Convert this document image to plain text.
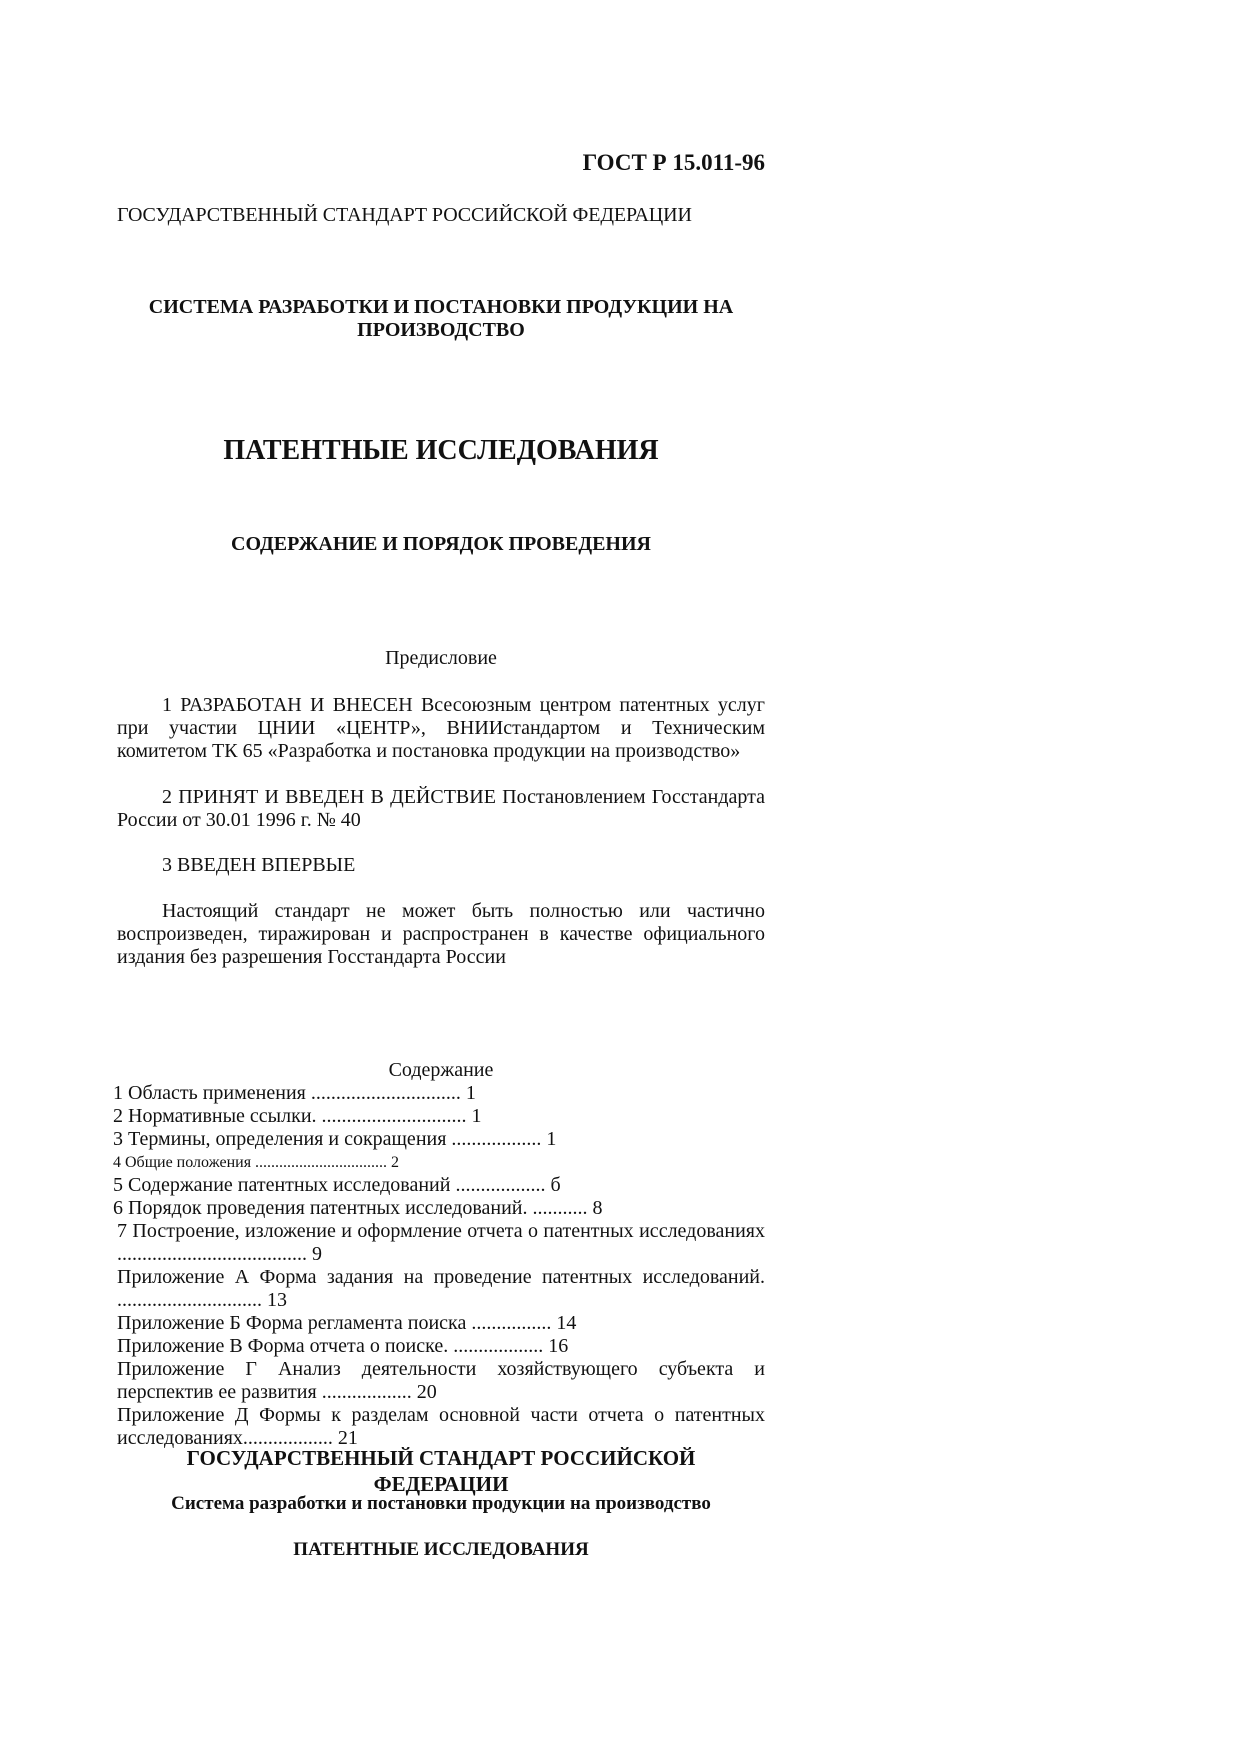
ГОСТ Р 15.011-96
ГОСУДАРСТВЕННЫЙ СТАНДАРТ РОССИЙСКОЙ ФЕДЕРАЦИИ
СИСТЕМА РАЗРАБОТКИ И ПОСТАНОВКИ ПРОДУКЦИИ НА ПРОИЗВОДСТВО
ПАТЕНТНЫЕ ИССЛЕДОВАНИЯ
СОДЕРЖАНИЕ И ПОРЯДОК ПРОВЕДЕНИЯ
Предисловие

1 РАЗРАБОТАН И ВНЕСЕН Всесоюзным центром патентных услуг при участии ЦНИИ «ЦЕНТР», ВНИИстандартом и Техническим комитетом ТК 65 «Разработка и постановка продукции на производство»

2 ПРИНЯТ И ВВЕДЕН В ДЕЙСТВИЕ Постановлением Госстандарта России от 30.01 1996 г. № 40

3 ВВЕДЕН ВПЕРВЫЕ

Настоящий стандарт не может быть полностью или частично воспроизведен, тиражирован и распространен в качестве официального издания без разрешения Госстандарта России

Содержание

1 Область применения .............................. 1

2 Нормативные ссылки. ............................. 1

3 Термины, определения и сокращения .................. 1

4 Общие положения ................................. 2

5 Содержание патентных исследований .................. б

6 Порядок проведения патентных исследований. ........... 8

7 Построение, изложение и оформление отчета о патентных исследованиях ...................................... 9

Приложение А Форма задания на проведение патентных исследований. ............................. 13

Приложение Б Форма регламента поиска ................ 14

Приложение В Форма отчета о поиске. .................. 16

Приложение Г Анализ деятельности хозяйствующего субъекта и перспектив ее развития .................. 20

Приложение Д Формы к разделам основной части отчета о патентных исследованиях.................. 21

ГОСУДАРСТВЕННЫЙ СТАНДАРТ РОССИЙСКОЙ ФЕДЕРАЦИИ
Система разработки и постановки продукции на производство
ПАТЕНТНЫЕ ИССЛЕДОВАНИЯ
